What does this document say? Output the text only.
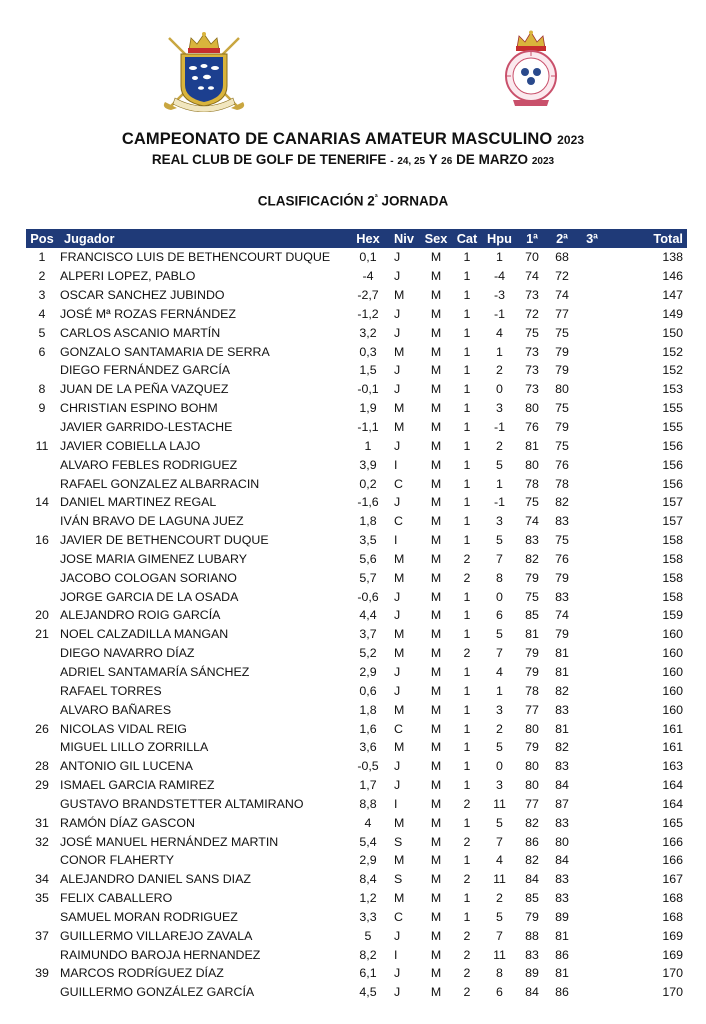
CAMPEONATO DE CANARIAS AMATEUR MASCULINO 2023
REAL CLUB DE GOLF DE TENERIFE - 24, 25 Y 26 DE MARZO 2023
CLASIFICACIÓN $2^ª$ JORNADA
Pos	Jugador	Hex	Niv	Sex	Cat	Hpu	1ª	2ª	3ª	Total
1	FRANCISCO LUIS DE BETHENCOURT DUQUE	0,1	J	M	1	1	70	68		138
2	ALPERI LOPEZ, PABLO	-4	J	M	1	-4	74	72		146
3	OSCAR SANCHEZ JUBINDO	-2,7	M	M	1	-3	73	74		147
4	JOSÉ Mª ROZAS FERNÁNDEZ	-1,2	J	M	1	-1	72	77		149
5	CARLOS ASCANIO MARTÍN	3,2	J	M	1	4	75	75		150
6	GONZALO SANTAMARIA DE SERRA	0,3	M	M	1	1	73	79		152
	DIEGO FERNÁNDEZ GARCÍA	1,5	J	M	1	2	73	79		152
8	JUAN DE LA PEÑA VAZQUEZ	-0,1	J	M	1	0	73	80		153
9	CHRISTIAN ESPINO BOHM	1,9	M	M	1	3	80	75		155
	JAVIER GARRIDO-LESTACHE	-1,1	M	M	1	-1	76	79		155
11	JAVIER COBIELLA LAJO	1	J	M	1	2	81	75		156
	ALVARO FEBLES RODRIGUEZ	3,9	I	M	1	5	80	76		156
	RAFAEL GONZALEZ ALBARRACIN	0,2	C	M	1	1	78	78		156
14	DANIEL MARTINEZ REGAL	-1,6	J	M	1	-1	75	82		157
	IVÁN BRAVO DE LAGUNA JUEZ	1,8	C	M	1	3	74	83		157
16	JAVIER DE BETHENCOURT DUQUE	3,5	I	M	1	5	83	75		158
	JOSE MARIA GIMENEZ LUBARY	5,6	M	M	2	7	82	76		158
	JACOBO COLOGAN SORIANO	5,7	M	M	2	8	79	79		158
	JORGE GARCIA DE LA OSADA	-0,6	J	M	1	0	75	83		158
20	ALEJANDRO ROIG GARCÍA	4,4	J	M	1	6	85	74		159
21	NOEL CALZADILLA MANGAN	3,7	M	M	1	5	81	79		160
	DIEGO NAVARRO DÍAZ	5,2	M	M	2	7	79	81		160
	ADRIEL SANTAMARÍA SÁNCHEZ	2,9	J	M	1	4	79	81		160
	RAFAEL TORRES	0,6	J	M	1	1	78	82		160
	ALVARO BAÑARES	1,8	M	M	1	3	77	83		160
26	NICOLAS VIDAL REIG	1,6	C	M	1	2	80	81		161
	MIGUEL LILLO ZORRILLA	3,6	M	M	1	5	79	82		161
28	ANTONIO GIL LUCENA	-0,5	J	M	1	0	80	83		163
29	ISMAEL GARCIA RAMIREZ	1,7	J	M	1	3	80	84		164
	GUSTAVO BRANDSTETTER ALTAMIRANO	8,8	I	M	2	11	77	87		164
31	RAMÓN DÍAZ GASCON	4	M	M	1	5	82	83		165
32	JOSÉ MANUEL HERNÁNDEZ MARTIN	5,4	S	M	2	7	86	80		166
	CONOR FLAHERTY	2,9	M	M	1	4	82	84		166
34	ALEJANDRO DANIEL SANS DIAZ	8,4	S	M	2	11	84	83		167
35	FELIX CABALLERO	1,2	M	M	1	2	85	83		168
	SAMUEL MORAN RODRIGUEZ	3,3	C	M	1	5	79	89		168
37	GUILLERMO VILLAREJO ZAVALA	5	J	M	2	7	88	81		169
	RAIMUNDO BAROJA HERNANDEZ	8,2	I	M	2	11	83	86		169
39	MARCOS RODRÍGUEZ DÍAZ	6,1	J	M	2	8	89	81		170
	GUILLERMO GONZÁLEZ GARCÍA	4,5	J	M	2	6	84	86		170
